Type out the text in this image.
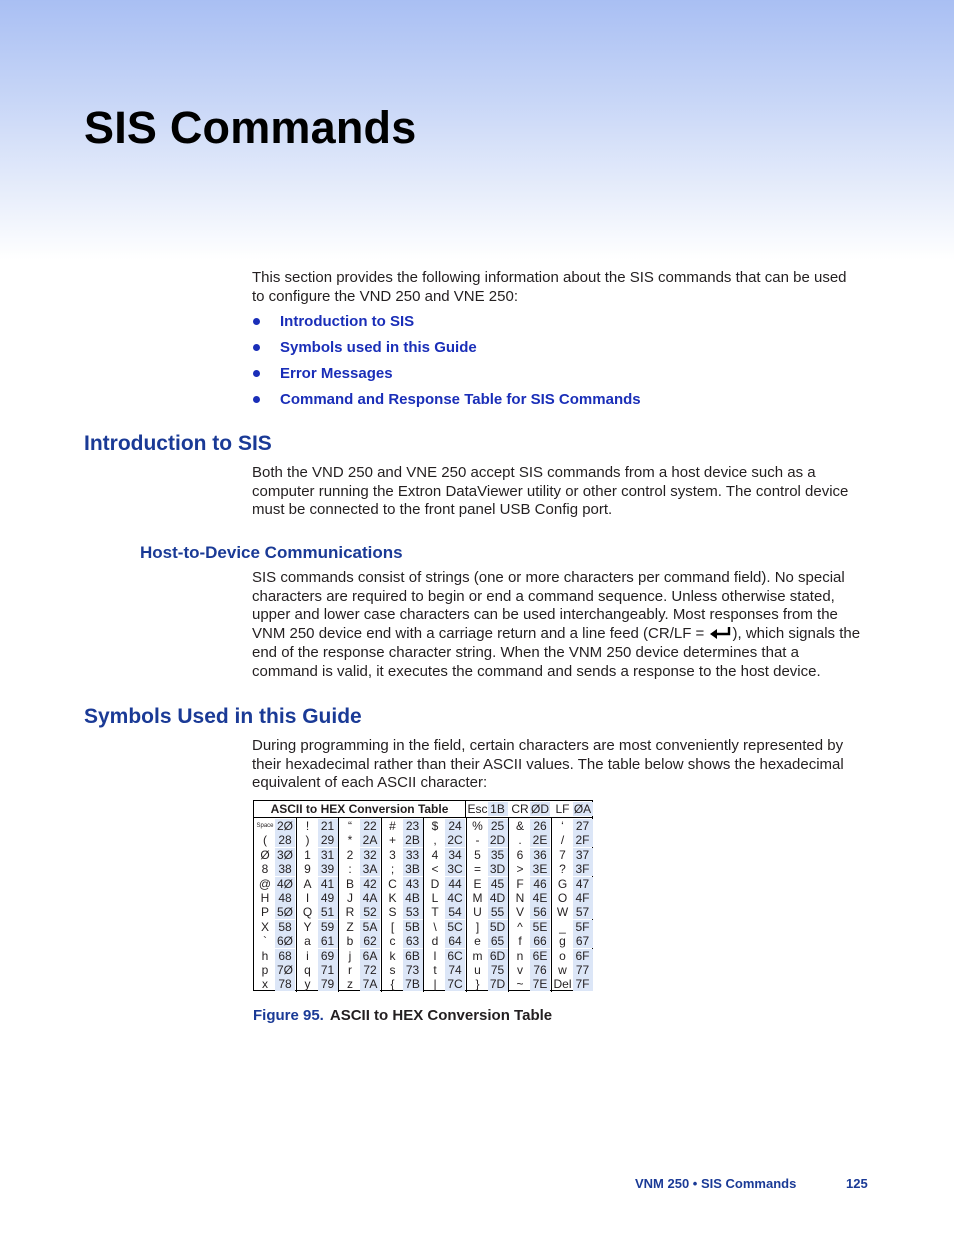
SIS Commands

This section provides the following information about the SIS commands that can be used to configure the VND 250 and VNE 250:

Introduction to SIS
Symbols used in this Guide
Error Messages
Command and Response Table for SIS Commands
Introduction to SIS

Both the VND 250 and VNE 250 accept SIS commands from a host device such as a computer running the Extron DataViewer utility or other control system. The control device must be connected to the front panel USB Config port.

Host-to-Device Communications

SIS commands consist of strings (one or more characters per command field). No special characters are required to begin or end a command sequence. Unless otherwise stated, upper and lower case characters can be used interchangeably. Most responses from the VNM 250 device end with a carriage return and a line feed (CR/LF = ), which signals the end of the response character string. When the VNM 250 device determines that a command is valid, it executes the command and sends a response to the host device.

Symbols Used in this Guide

During programming in the field, certain characters are most conveniently represented by their hexadecimal rather than their ASCII values. The table below shows the hexadecimal equivalent of each ASCII character:

ASCII to HEX Conversion Table	Esc 1B CR ØD LF ØA
Space 2Ø	! 21	“ 22	# 23	$ 24 % 25 & 26	‘ 27
( 28	) 29	* 2A + 2B	, 2C	- 2D	. 2E	/ 2F
Ø 3Ø 1 31	2 32	3 33	4 34	5 35	6 36	7 37
8 38	9 39	: 3A	; 3B < 3C = 3D > 3E ? 3F
@ 4Ø A 41 B 42 C 43 D 44 E 45	F 46 G 47
H 48	I 49	J 4A K 4B L 4C M 4D N 4E O 4F
P 5Ø Q 51 R 52 S 53	T 54 U 55 V 56 W 57
X 58 Y 59	Z 5A	[ 5B	\ 5C	] 5D	^ 5E _ 5F
` 6Ø a 61	b 62	c 63	d 64	e 65	f 66	g 67
h 68	i 69	j 6A	k 6B	l 6C m 6D n 6E o 6F
p 7Ø q 71	r 72	s 73	t 74	u 75	v 76 w 77
x 78	y 79	z 7A	{ 7B	| 7C	} 7D ~ 7E Del 7F
Figure 95. ASCII to HEX Conversion Table
VNM 250 • SIS Commands	125
